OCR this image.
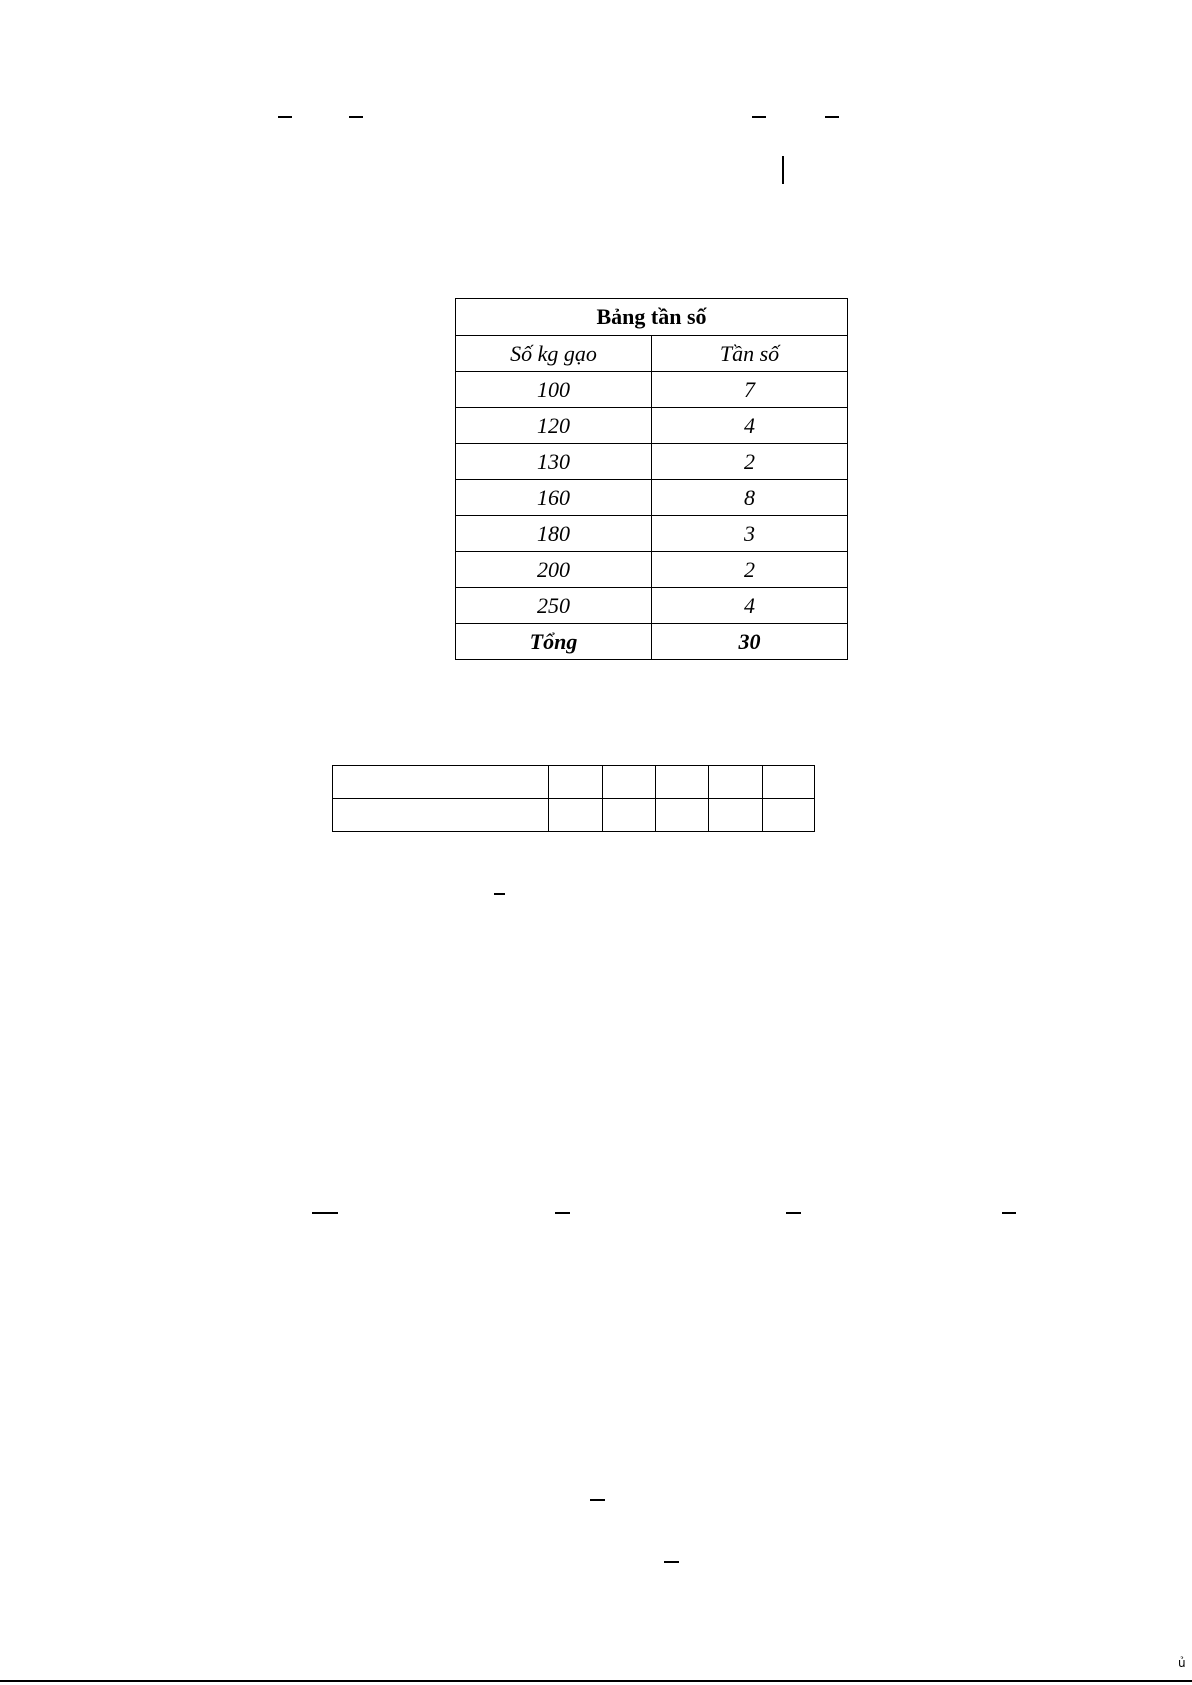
Bảng tần số	
Số kg gạo	Tần số
100	7
120	4
130	2
160	8
180	3
200	2
250	4
Tổng	30

ủ
